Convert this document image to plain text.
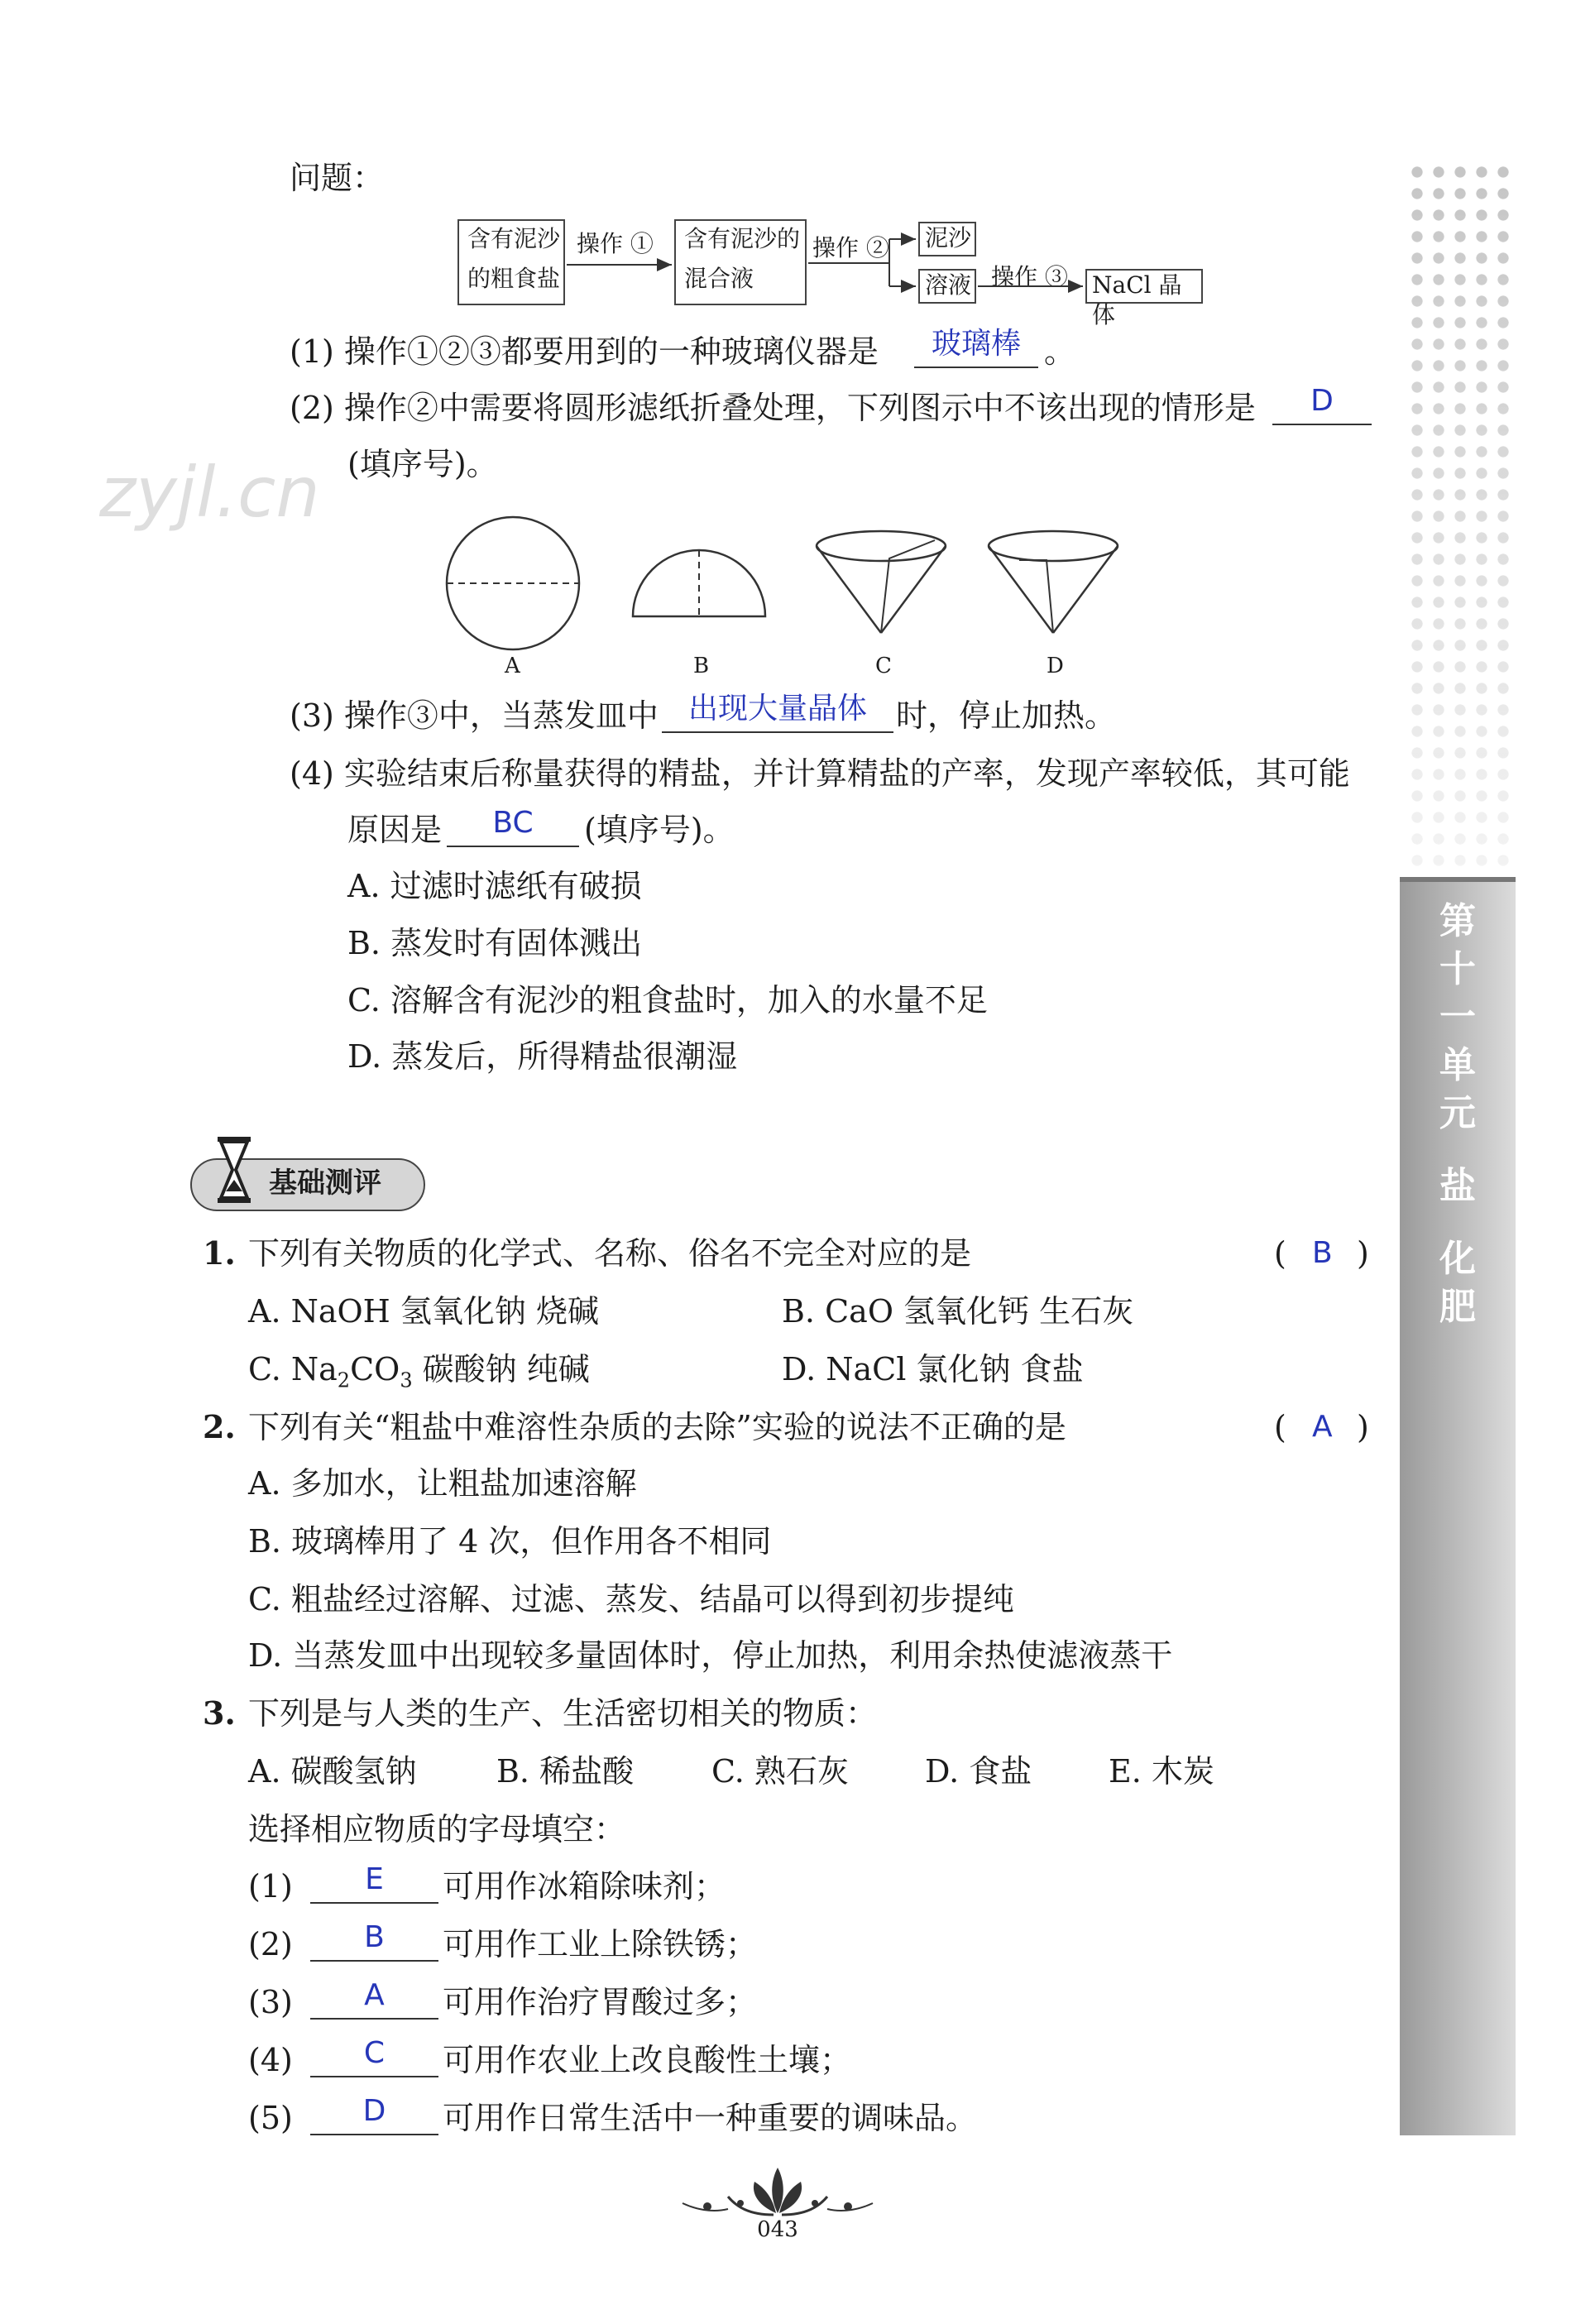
zyjl.cn
第
十
一
单
元
盐
化
肥
问题：
含有泥沙
的粗食盐
操作 ① 含有泥沙的
混合液
操作 ② 泥沙
溶液 操作 ③ NaCl 晶体
(1) 操作①②③都要用到的一种玻璃仪器是	玻璃棒 。
(2) 操作②中需要将圆形滤纸折叠处理，下列图示中不该出现的情形是	D
(填序号)。
A	B	C	D
(3) 操作③中，当蒸发皿中	出现大量晶体 时，停止加热。
(4) 实验结束后称量获得的精盐，并计算精盐的产率，发现产率较低，其可能
原因是	BC	(填序号)。
A. 过滤时滤纸有破损
B. 蒸发时有固体溅出
C. 溶解含有泥沙的粗食盐时，加入的水量不足
D. 蒸发后，所得精盐很潮湿
基础测评
1. 下列有关物质的化学式、名称、俗名不完全对应的是	( B )
A. NaOH 氢氧化钠 烧碱	B. CaO 氢氧化钙 生石灰
C. $Na_2CO_3$ 碳酸钠 纯碱	D. NaCl 氯化钠 食盐
2. 下列有关“粗盐中难溶性杂质的去除”实验的说法不正确的是	( A )
A. 多加水，让粗盐加速溶解
B. 玻璃棒用了 4 次，但作用各不相同
C. 粗盐经过溶解、过滤、蒸发、结晶可以得到初步提纯
D. 当蒸发皿中出现较多量固体时，停止加热，利用余热使滤液蒸干
3. 下列是与人类的生产、生活密切相关的物质：
A. 碳酸氢钠	B. 稀盐酸 C. 熟石灰 D. 食盐 E. 木炭
选择相应物质的字母填空：
(1)	E	可用作冰箱除味剂；
(2)	B	可用作工业上除铁锈；
(3)	A	可用作治疗胃酸过多；
(4)	C	可用作农业上改良酸性土壤；
(5)	D	可用作日常生活中一种重要的调味品。
043
